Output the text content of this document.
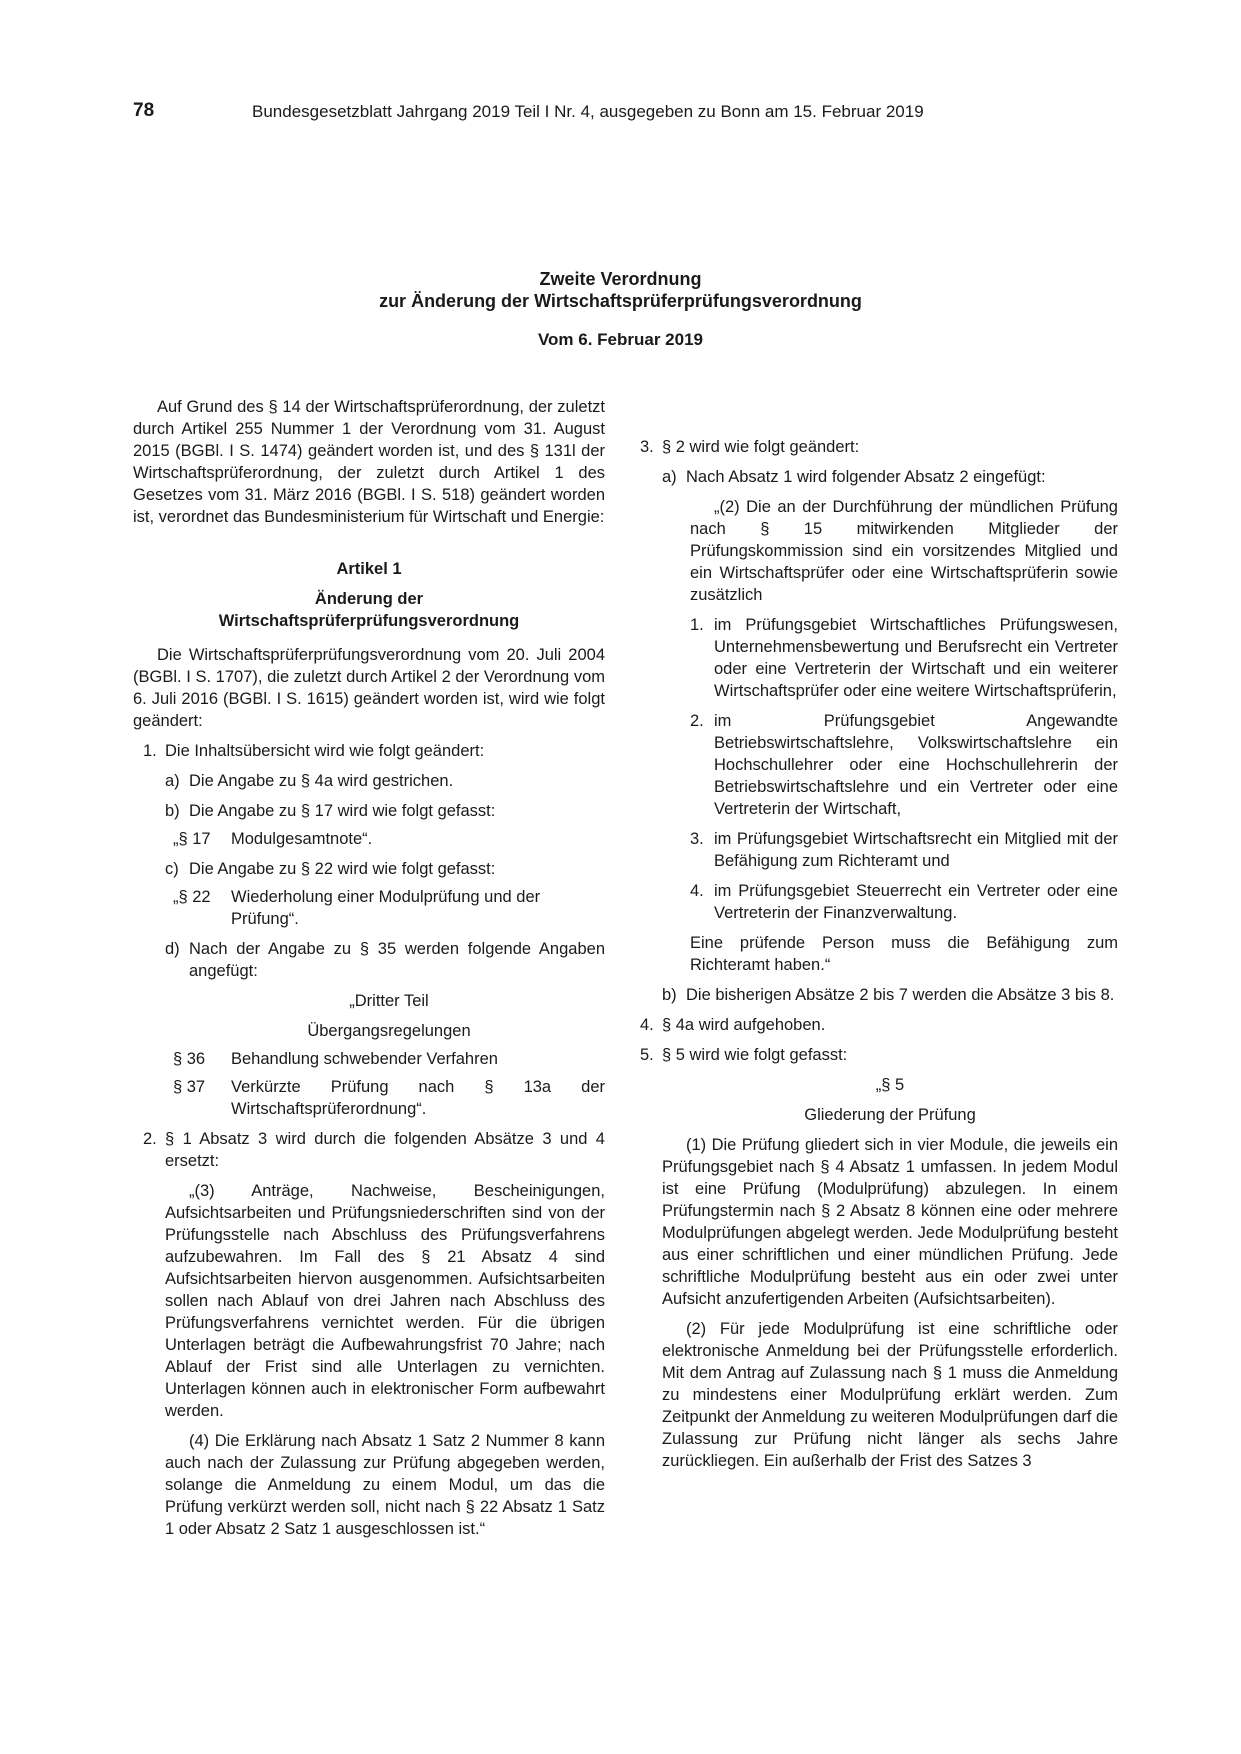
78	Bundesgesetzblatt Jahrgang 2019 Teil I Nr. 4, ausgegeben zu Bonn am 15. Februar 2019
Zweite Verordnung
zur Änderung der Wirtschaftsprüferprüfungsverordnung
Vom 6. Februar 2019

Auf Grund des § 14 der Wirtschaftsprüferordnung, der zuletzt durch Artikel 255 Nummer 1 der Verordnung vom 31. August 2015 (BGBl. I S. 1474) geändert worden ist, und des § 131l der Wirtschaftsprüferordnung, der zuletzt durch Artikel 1 des Gesetzes vom 31. März 2016 (BGBl. I S. 518) geändert worden ist, verordnet das Bundesministerium für Wirtschaft und Energie:

Artikel 1

Änderung der Wirtschaftsprüferprüfungsverordnung

Die Wirtschaftsprüferprüfungsverordnung vom 20. Juli 2004 (BGBl. I S. 1707), die zuletzt durch Artikel 2 der Verordnung vom 6. Juli 2016 (BGBl. I S. 1615) geändert worden ist, wird wie folgt geändert:

1. Die Inhaltsübersicht wird wie folgt geändert:
a) Die Angabe zu § 4a wird gestrichen.
b) Die Angabe zu § 17 wird wie folgt gefasst:
„§ 17	Modulgesamtnote“.
c) Die Angabe zu § 22 wird wie folgt gefasst:
„§ 22	Wiederholung einer Modulprüfung und der Prüfung“.
d) Nach der Angabe zu § 35 werden folgende Angaben angefügt:

„Dritter Teil

Übergangsregelungen

§ 36	Behandlung schwebender Verfahren
§ 37	Verkürzte Prüfung nach § 13a der Wirtschaftsprüferordnung“.
2. § 1 Absatz 3 wird durch die folgenden Absätze 3 und 4 ersetzt:

„(3) Anträge, Nachweise, Bescheinigungen, Aufsichtsarbeiten und Prüfungsniederschriften sind von der Prüfungsstelle nach Abschluss des Prüfungsverfahrens aufzubewahren. Im Fall des § 21 Absatz 4 sind Aufsichtsarbeiten hiervon ausgenommen. Aufsichtsarbeiten sollen nach Ablauf von drei Jahren nach Abschluss des Prüfungsverfahrens vernichtet werden. Für die übrigen Unterlagen beträgt die Aufbewahrungsfrist 70 Jahre; nach Ablauf der Frist sind alle Unterlagen zu vernichten. Unterlagen können auch in elektronischer Form aufbewahrt werden.

(4) Die Erklärung nach Absatz 1 Satz 2 Nummer 8 kann auch nach der Zulassung zur Prüfung abgegeben werden, solange die Anmeldung zu einem Modul, um das die Prüfung verkürzt werden soll, nicht nach § 22 Absatz 1 Satz 1 oder Absatz 2 Satz 1 ausgeschlossen ist.“

3. § 2 wird wie folgt geändert:
a) Nach Absatz 1 wird folgender Absatz 2 eingefügt:

„(2) Die an der Durchführung der mündlichen Prüfung nach § 15 mitwirkenden Mitglieder der Prüfungskommission sind ein vorsitzendes Mitglied und ein Wirtschaftsprüfer oder eine Wirtschaftsprüferin sowie zusätzlich

1. im Prüfungsgebiet Wirtschaftliches Prüfungswesen, Unternehmensbewertung und Berufsrecht ein Vertreter oder eine Vertreterin der Wirtschaft und ein weiterer Wirtschaftsprüfer oder eine weitere Wirtschaftsprüferin,
2. im Prüfungsgebiet Angewandte Betriebswirtschaftslehre, Volkswirtschaftslehre ein Hochschullehrer oder eine Hochschullehrerin der Betriebswirtschaftslehre und ein Vertreter oder eine Vertreterin der Wirtschaft,
3. im Prüfungsgebiet Wirtschaftsrecht ein Mitglied mit der Befähigung zum Richteramt und
4. im Prüfungsgebiet Steuerrecht ein Vertreter oder eine Vertreterin der Finanzverwaltung.

Eine prüfende Person muss die Befähigung zum Richteramt haben.“

b) Die bisherigen Absätze 2 bis 7 werden die Absätze 3 bis 8.
4. § 4a wird aufgehoben.
5. § 5 wird wie folgt gefasst:

„§ 5

Gliederung der Prüfung

(1) Die Prüfung gliedert sich in vier Module, die jeweils ein Prüfungsgebiet nach § 4 Absatz 1 umfassen. In jedem Modul ist eine Prüfung (Modulprüfung) abzulegen. In einem Prüfungstermin nach § 2 Absatz 8 können eine oder mehrere Modulprüfungen abgelegt werden. Jede Modulprüfung besteht aus einer schriftlichen und einer mündlichen Prüfung. Jede schriftliche Modulprüfung besteht aus ein oder zwei unter Aufsicht anzufertigenden Arbeiten (Aufsichtsarbeiten).

(2) Für jede Modulprüfung ist eine schriftliche oder elektronische Anmeldung bei der Prüfungsstelle erforderlich. Mit dem Antrag auf Zulassung nach § 1 muss die Anmeldung zu mindestens einer Modulprüfung erklärt werden. Zum Zeitpunkt der Anmeldung zu weiteren Modulprüfungen darf die Zulassung zur Prüfung nicht länger als sechs Jahre zurückliegen. Ein außerhalb der Frist des Satzes 3
